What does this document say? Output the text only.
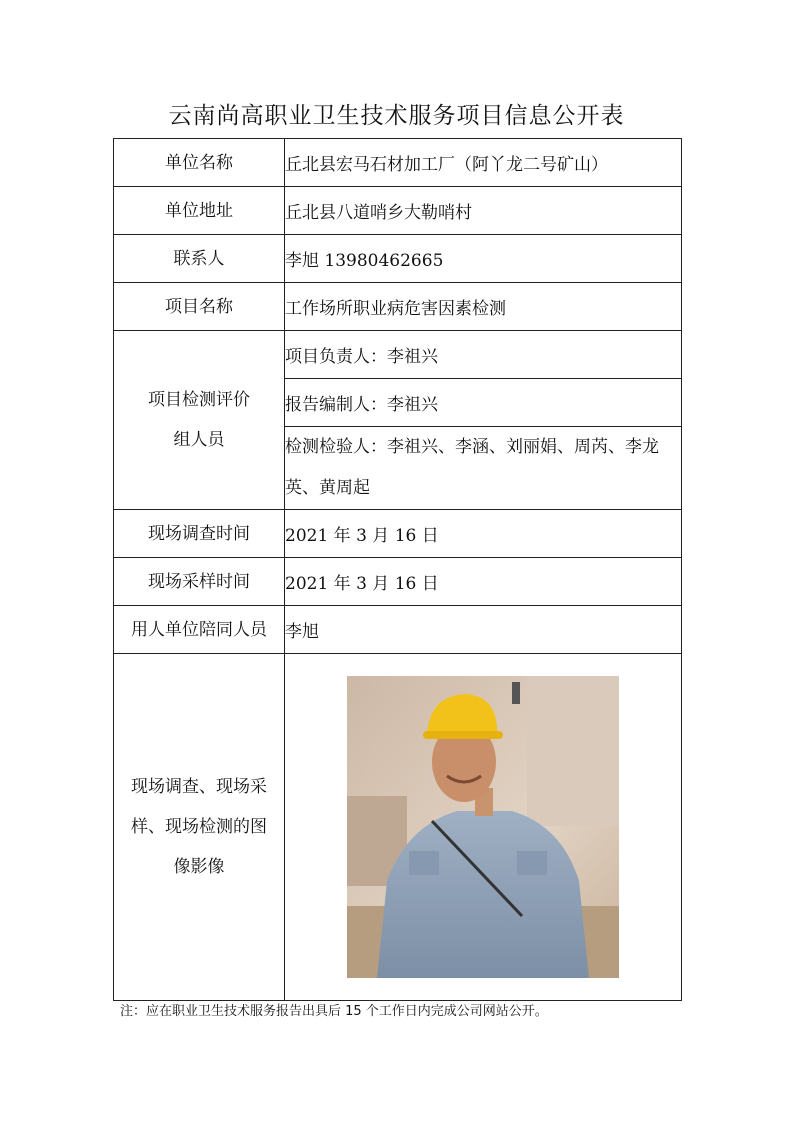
云南尚高职业卫生技术服务项目信息公开表
单位名称	丘北县宏马石材加工厂（阿丫龙二号矿山）
单位地址	丘北县八道哨乡大勒哨村
联系人	李旭 13980462665
项目名称	工作场所职业病危害因素检测

项目检测评价
组人员	项目负责人：李祖兴
	报告编制人：李祖兴
	检测检验人：李祖兴、李涵、刘丽娟、周芮、李龙英、黄周起
现场调查时间	2021 年 3 月 16 日
现场采样时间	2021 年 3 月 16 日
用人单位陪同人员	李旭

现场调查、现场采
样、现场检测的图
像影像

注：应在职业卫生技术服务报告出具后 15 个工作日内完成公司网站公开。
